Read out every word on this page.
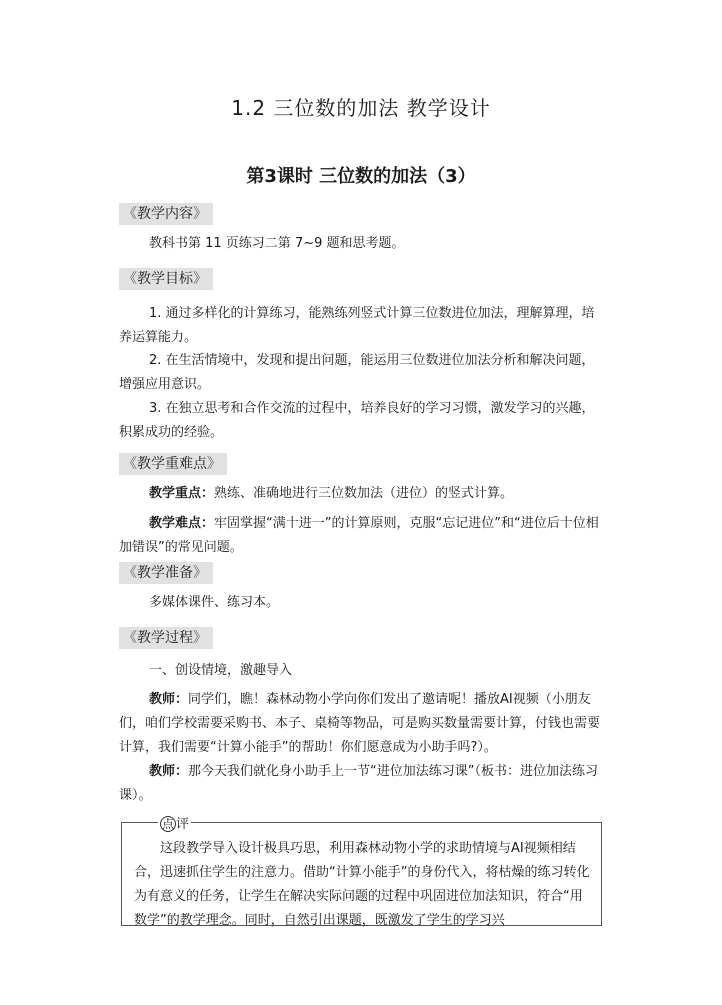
1.2 三位数的加法 教学设计
第3课时 三位数的加法（3）
《教学内容》

教科书第 11 页练习二第 7~9 题和思考题。

《教学目标》

1. 通过多样化的计算练习，能熟练列竖式计算三位数进位加法，理解算理，培养运算能力。

2. 在生活情境中，发现和提出问题，能运用三位数进位加法分析和解决问题，增强应用意识。

3. 在独立思考和合作交流的过程中，培养良好的学习习惯，激发学习的兴趣，积累成功的经验。

《教学重难点》

教学重点：熟练、准确地进行三位数加法（进位）的竖式计算。

教学难点：牢固掌握“满十进一”的计算原则，克服“忘记进位”和“进位后十位相加错误”的常见问题。

《教学准备》

多媒体课件、练习本。

《教学过程》

一、创设情境，激趣导入

教师：同学们，瞧！森林动物小学向你们发出了邀请呢！播放AI视频（小朋友们，咱们学校需要采购书、本子、桌椅等物品，可是购买数量需要计算，付钱也需要计算，我们需要“计算小能手”的帮助！你们愿意成为小助手吗?）。

教师：那今天我们就化身小助手上一节“进位加法练习课”（板书：进位加法练习课）。

点 评

这段教学导入设计极具巧思，利用森林动物小学的求助情境与AI视频相结合，迅速抓住学生的注意力。借助“计算小能手”的身份代入，将枯燥的练习转化为有意义的任务，让学生在解决实际问题的过程中巩固进位加法知识，符合“用数学”的教学理念。同时，自然引出课题，既激发了学生的学习兴
